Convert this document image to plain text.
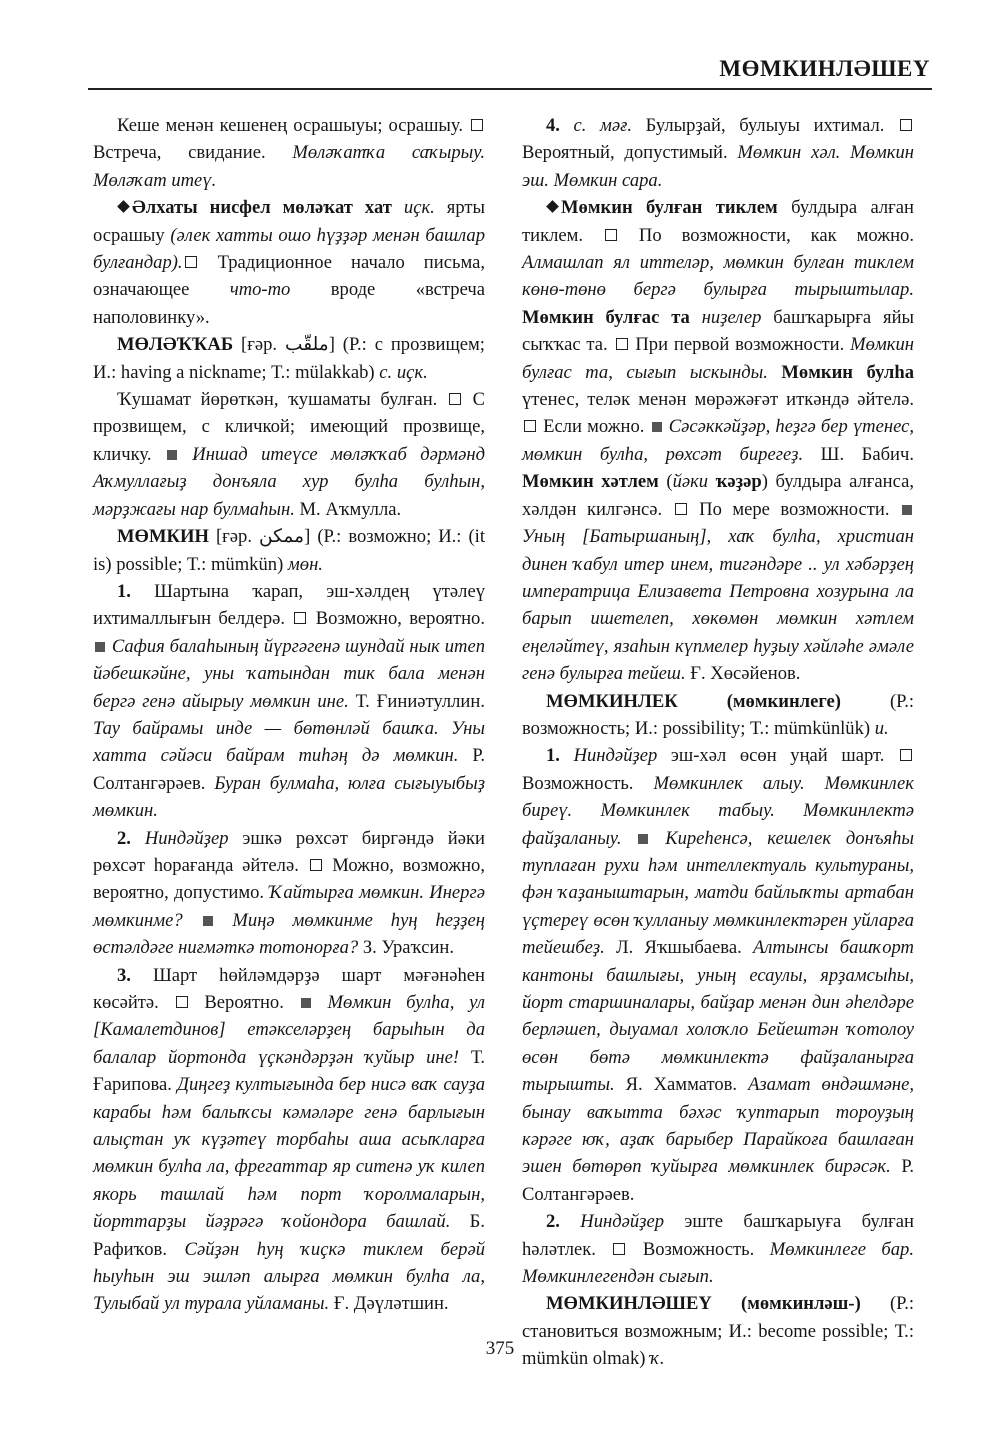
МӨМКИНЛӘШЕҮ

Кеше менән кешенең осрашыуы; осрашыу.  Встреча, свидание. Мөләҡатҡа саҡырыу. Мөләҡат итеү.

Әлхаты нисфел мөләҡат хат иҫк. ярты осрашыу (әлек хатты ошо һүҙҙәр менән башлар булғандар). Традиционное начало письма, означающее что-то вроде «встреча наполовинку».

МӨЛӘҠҠАБ [ғәр. ملقّب] (Р.: с прозвищем; И.: having a nickname; Т.: mülakkab) с. иҫк.

Ҡушамат йөрөткән, ҡушаматы булған.  С прозвищем, с кличкой; имеющий прозвище, кличку.  Иншад итеүсе мөләҡҡаб дәрмәнд Аҡмуллағыҙ донъяла хур булһа булһын, мәрҙжағы нар булмаһын. М. Аҡмулла.

МӨМКИН [ғәр. ممكن] (Р.: возможно; И.: (it is) possible; Т.: mümkün) мөн.

1. Шартына ҡарап, эш-хәлдең үтәлеү ихтималлығын белдерә.  Возможно, вероятно.  Сафия балаһының йүргәгенә шундай нык итеп йәбешкәйне, уны ҡатындан тик бала менән бергә генә айырыу мөмкин ине. Т. Ғиниәтуллин. Тау байрамы инде — бөтөнләй башҡа. Уны хатта сәйәси байрам тиһәң дә мөмкин. Р. Солтангәрәев. Буран булмаһа, юлға сығыуыбыҙ мөмкин.

2. Ниндәйҙер эшкә рөхсәт биргәндә йәки рөхсәт һорағанда әйтелә.  Можно, возможно, вероятно, допустимо. Ҡайтырға мөмкин. Инергә мөмкинме?  Миңә мөмкинме һуң һеҙҙең өстәлдәге ниғмәткә тотонорға? З. Ураҡсин.

3. Шарт һөйләмдәрҙә шарт мәғәнәһен көсәйтә.  Вероятно.  Мөмкин булһа, ул [Камалетдинов] етәкселәрҙең барыһын да балалар йортонда үҫкәндәрҙән ҡуйыр ине! Т. Ғарипова. Диңгеҙ култығында бер нисә ваҡ сауҙа карабы һәм балыҡсы кәмәләре генә барлығын алыҫтан уҡ күҙәтеү торбаһы аша асыҡларға мөмкин булһа ла, фрегаттар яр ситенә уҡ килеп якорь ташлай һәм порт ҡоролмаларын, йорттарҙы йәҙрәгә ҡойондора башлай. Б. Рафиҡов. Сәйҙән һуң ҡиҫкә тиклем берәй һыуһын эш эшләп алырға мөмкин булһа ла, Тулыбай ул турала уйламаны. Ғ. Дәүләтшин.

4. с. мәғ. Булырҙай, булыуы ихтимал.  Вероятный, допустимый. Мөмкин хәл. Мөмкин эш. Мөмкин сара.

Мөмкин булған тиклем булдыра алған тиклем.  По возможности, как можно. Алмашлап ял иттеләр, мөмкин булған тиклем көнө-төнө бергә булырға тырыштылар. Мөмкин булғас та ниҙелер башҡарырға яйы сыҡҡас та.  При первой возможности. Мөмкин булғас та, сығып ыскынды. Мөмкин булһа үтенес, теләк менән мөрәжәғәт иткәндә әйтелә.  Если можно.  Сәсәккәйҙәр, һеҙгә бер үтенес, мөмкин булһа, рөхсәт бирегеҙ. Ш. Бабич. Мөмкин хәтлем (йәки ҡәҙәр) булдыра алғанса, хәлдән килгәнсә.  По мере возможности.  Уның [Батыршаның], хаҡ булһа, христиан динен ҡабул итер инем, тигәндәре .. ул хәбәрҙең императрица Елизавета Петровна хозурына ла барып ишетелеп, хөкөмөн мөмкин хәтлем еңеләйтеү, язаһын күпмелер һуҙыу хәйләһе әмәле генә булырға тейеш. Ғ. Хөсәйенов.

МӨМКИНЛЕК (мөмкинлеге) (Р.: возможность; И.: possibility; Т.: mümkünlük) и.

1. Ниндәйҙер эш-хәл өсөн уңай шарт.  Возможность. Мөмкинлек алыу. Мөмкинлек биреү. Мөмкинлек табыу. Мөмкинлектә файҙаланыу.  Киреһенсә, кешелек донъяһы туплаған рухи һәм интеллектуаль культураны, фән ҡаҙаныштарын, матди байлыҡты артабан үҫтереү өсөн ҡулланыу мөмкинлектәрен уйларға тейешбеҙ. Л. Яҡшыбаева. Алтынсы башҡорт кантоны башлығы, уның есаулы, ярҙамсыһы, йорт старшиналары, байҙар менән дин әһелдәре берләшеп, дыуамал холоҡло Бейештән ҡотолоу өсөн бөтә мөмкинлектә файҙаланырға тырышты. Я. Хамматов. Азамат өндәшмәне, бынау ваҡытта бәхәс ҡуптарып тороуҙың кәрәге юҡ, аҙаҡ барыбер Парайкоға башлаған эшен бөтөрөп ҡуйырға мөмкинлек бирәсәк. Р. Солтангәрәев.

2. Ниндәйҙер эште башҡарыуға булған һәләтлек.  Возможность. Мөмкинлеге бар. Мөмкинлегендән сығып.

МӨМКИНЛӘШЕҮ (мөмкинләш-) (Р.: становиться возможным; И.: become possible; Т.: mümkün olmak) ҡ.

375
